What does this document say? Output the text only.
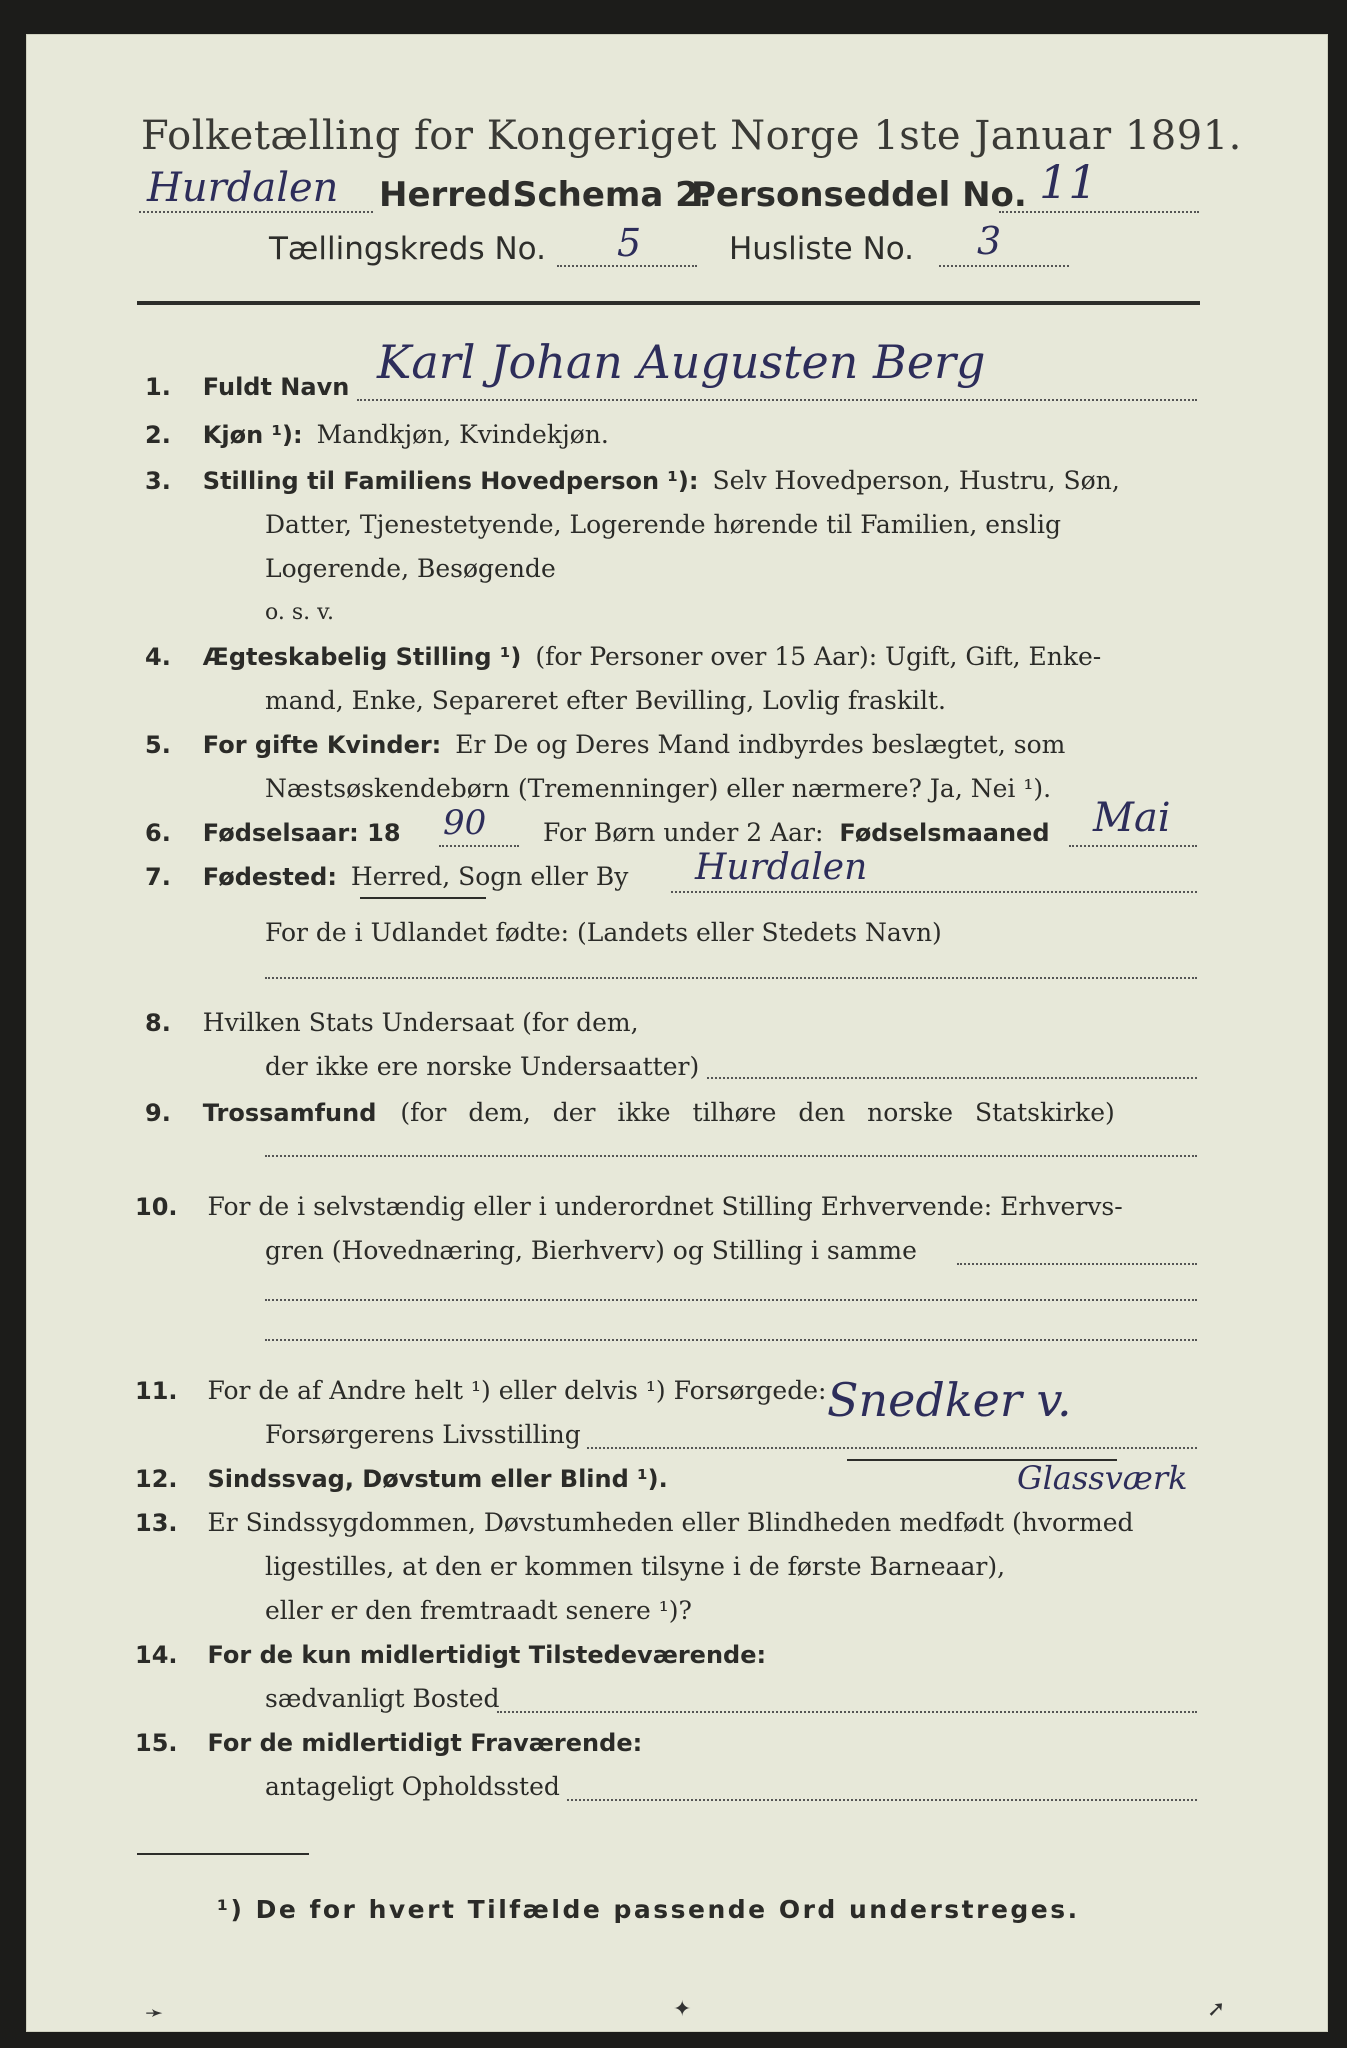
Folketælling for Kongeriget Norge 1ste Januar 1891.
Hurdalen Herred.
Schema 2.
Personseddel No. 11
Tællingskreds No. 5	Husliste No. 3
1. Fuldt Navn Karl Johan Augusten Berg
2. Kjøn ¹): Mandkjøn, Kvindekjøn.
3. Stilling til Familiens Hovedperson ¹): Selv Hovedperson, Hustru, Søn,
Datter, Tjenestetyende, Logerende hørende til Familien, enslig
Logerende, Besøgende
o. s. v.
4. Ægteskabelig Stilling ¹) (for Personer over 15 Aar): Ugift, Gift, Enke-
mand, Enke, Separeret efter Bevilling, Lovlig fraskilt.
5. For gifte Kvinder: Er De og Deres Mand indbyrdes beslægtet, som
Næstsøskendebørn (Tremenninger) eller nærmere? Ja, Nei ¹).
6. Fødselsaar: 18 90 For Børn under 2 Aar: Fødselsmaaned Mai
7. Fødested: Herred, Sogn eller By Hurdalen
For de i Udlandet fødte: (Landets eller Stedets Navn)
8. Hvilken Stats Undersaat (for dem,
der ikke ere norske Undersaatter)
9. Trossamfund (for dem, der ikke tilhøre den norske Statskirke)
10. For de i selvstændig eller i underordnet Stilling Erhvervende: Erhvervs-
gren (Hovednæring, Bierhverv) og Stilling i samme
11. For de af Andre helt ¹) eller delvis ¹) Forsørgede:
Forsørgerens Livsstilling
Snedker v.
Glassværk
12. Sindssvag, Døvstum eller Blind ¹).
13. Er Sindssygdommen, Døvstumheden eller Blindheden medfødt (hvormed
ligestilles, at den er kommen tilsyne i de første Barneaar),
eller er den fremtraadt senere ¹)?
14. For de kun midlertidigt Tilstedeværende:
sædvanligt Bosted
15. For de midlertidigt Fraværende:
antageligt Opholdssted
¹) De for hvert Tilfælde passende Ord understreges.
➛	✦	➚
